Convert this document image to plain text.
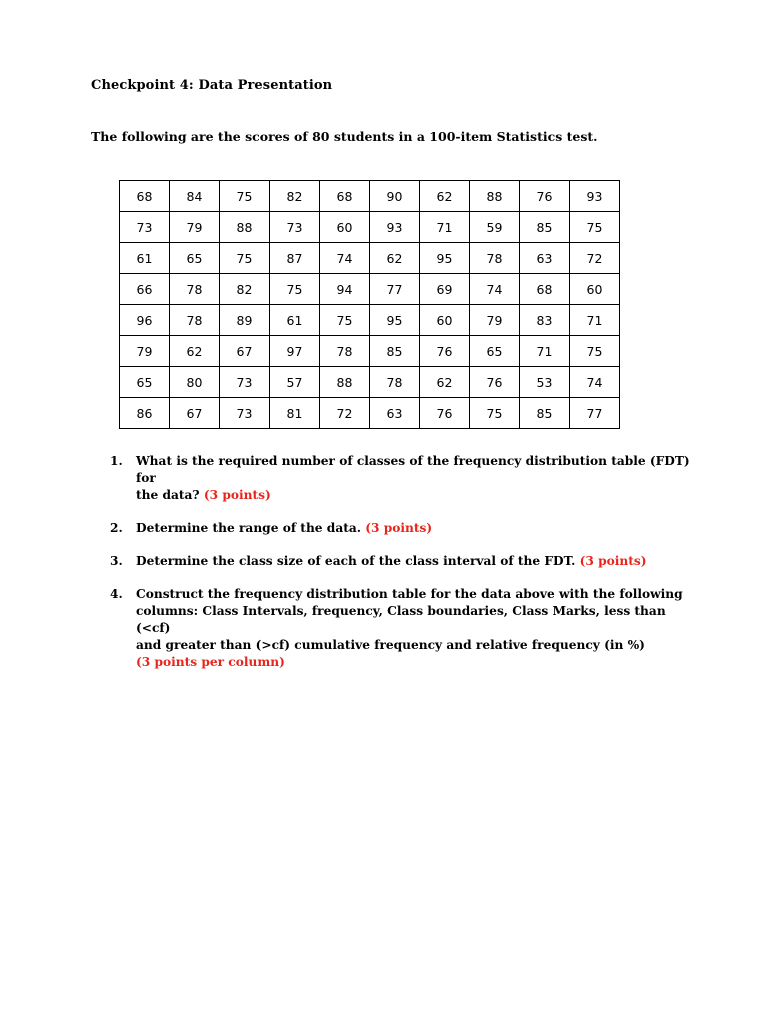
Checkpoint 4: Data Presentation
The following are the scores of 80 students in a 100-item Statistics test.
68	84	75	82	68	90	62	88	76	93
73	79	88	73	60	93	71	59	85	75
61	65	75	87	74	62	95	78	63	72
66	78	82	75	94	77	69	74	68	60
96	78	89	61	75	95	60	79	83	71
79	62	67	97	78	85	76	65	71	75
65	80	73	57	88	78	62	76	53	74
86	67	73	81	72	63	76	75	85	77
1. What is the required number of classes of the frequency distribution table (FDT) for
the data? (3 points)
2. Determine the range of the data. (3 points)
3. Determine the class size of each of the class interval of the FDT. (3 points)
4. Construct the frequency distribution table for the data above with the following
columns: Class Intervals, frequency, Class boundaries, Class Marks, less than (<cf)
and greater than (>cf) cumulative frequency and relative frequency (in %)
(3 points per column)
